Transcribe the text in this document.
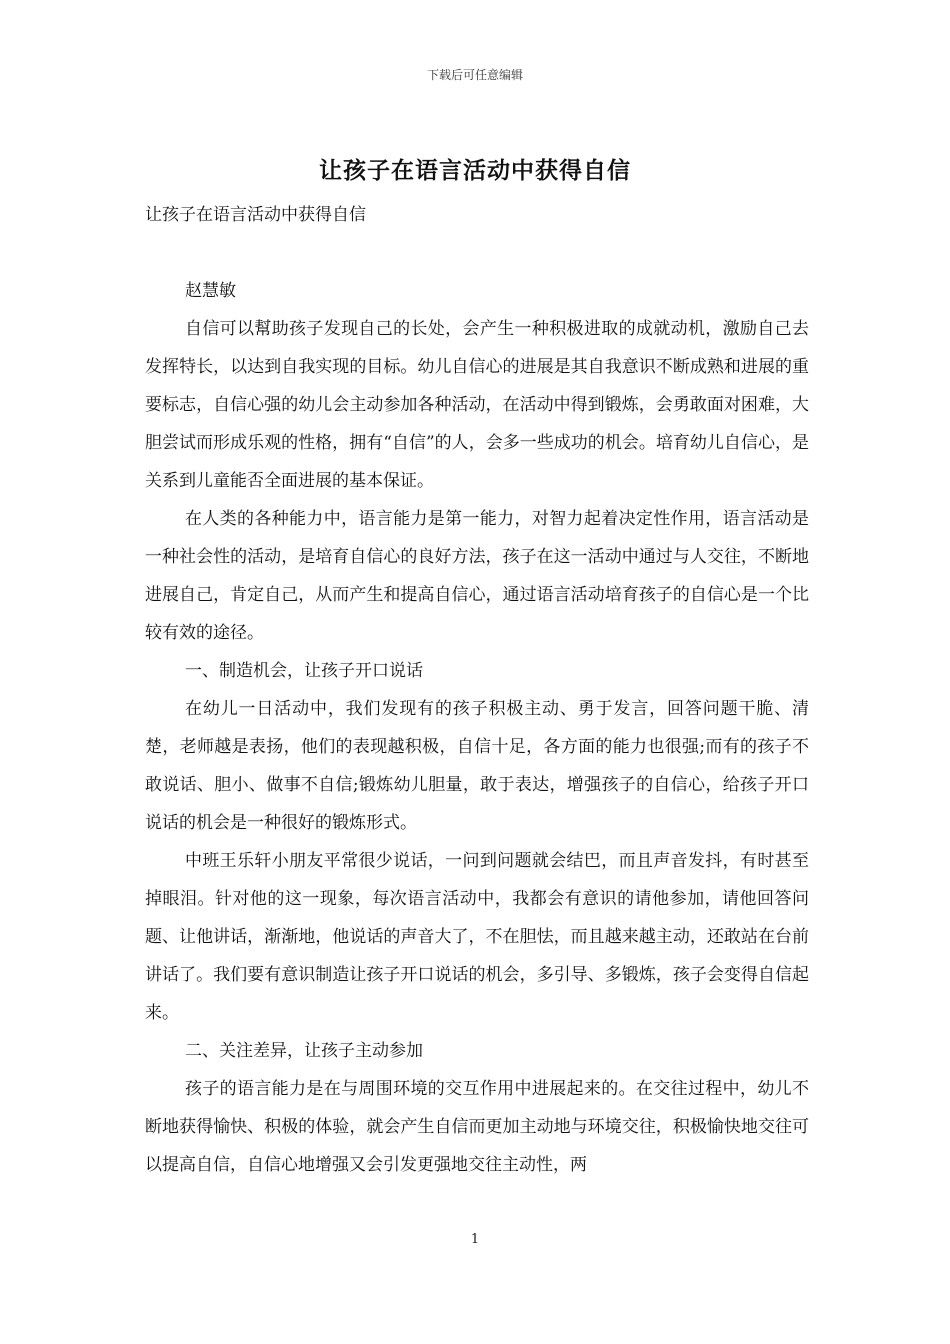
下载后可任意编辑
让孩子在语言活动中获得自信
让孩子在语言活动中获得自信

赵慧敏

自信可以幫助孩子发现自己的长处，会产生一种积极进取的成就动机，激励自己去发挥特长，以达到自我实现的目标。幼儿自信心的进展是其自我意识不断成熟和进展的重要标志，自信心强的幼儿会主动参加各种活动，在活动中得到锻炼，会勇敢面对困难，大胆尝试而形成乐观的性格，拥有“自信”的人，会多一些成功的机会。培育幼儿自信心，是关系到儿童能否全面进展的基本保证。

在人类的各种能力中，语言能力是第一能力，对智力起着决定性作用，语言活动是一种社会性的活动，是培育自信心的良好方法，孩子在这一活动中通过与人交往，不断地进展自己，肯定自己，从而产生和提高自信心，通过语言活动培育孩子的自信心是一个比较有效的途径。

一、制造机会，让孩子开口说话

在幼儿一日活动中，我们发现有的孩子积极主动、勇于发言，回答问题干脆、清楚，老师越是表扬，他们的表现越积极，自信十足，各方面的能力也很强;而有的孩子不敢说话、胆小、做事不自信;锻炼幼儿胆量，敢于表达，增强孩子的自信心，给孩子开口说话的机会是一种很好的锻炼形式。

中班王乐轩小朋友平常很少说话，一问到问题就会结巴，而且声音发抖，有时甚至掉眼泪。针对他的这一现象，每次语言活动中，我都会有意识的请他参加，请他回答问题、让他讲话，渐渐地，他说话的声音大了，不在胆怯，而且越来越主动，还敢站在台前讲话了。我们要有意识制造让孩子开口说话的机会，多引导、多锻炼，孩子会变得自信起来。

二、关注差异，让孩子主动参加

孩子的语言能力是在与周围环境的交互作用中进展起来的。在交往过程中，幼儿不断地获得愉快、积极的体验，就会产生自信而更加主动地与环境交往，积极愉快地交往可以提高自信，自信心地增强又会引发更强地交往主动性，两

1
